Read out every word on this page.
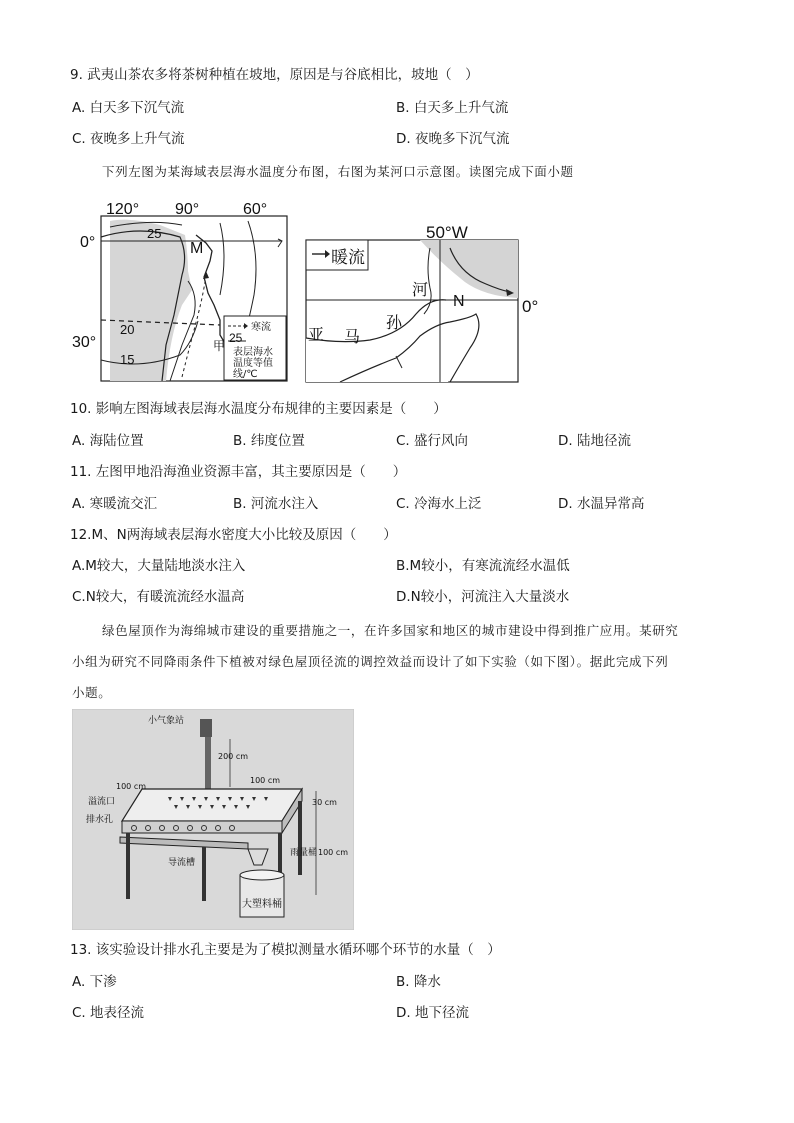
9. 武夷山茶农多将茶树种植在坡地，原因是与谷底相比，坡地（　）
A. 白天多下沉气流	B. 白天多上升气流
C. 夜晚多上升气流	D. 夜晚多下沉气流
下列左图为某海域表层海水温度分布图，右图为某河口示意图。读图完成下面小题
120° 90°	60°
0°
30°
25
20
15
25
M
甲
寒流
表层海水
温度等值
线/℃
暖流
50°W
0°
河
N
孙
亚 马
10. 影响左图海域表层海水温度分布规律的主要因素是（　　）
A. 海陆位置	B. 纬度位置	C. 盛行风向	D. 陆地径流
11. 左图甲地沿海渔业资源丰富，其主要原因是（　　）
A. 寒暖流交汇	B. 河流水注入	C. 冷海水上泛	D. 水温异常高
12.M、N两海域表层海水密度大小比较及原因（　　）
A.M较大，大量陆地淡水注入	B.M较小，有寒流流经水温低
C.N较大，有暖流流经水温高	D.N较小，河流注入大量淡水
绿色屋顶作为海绵城市建设的重要措施之一，在许多国家和地区的城市建设中得到推广应用。某研究
小组为研究不同降雨条件下植被对绿色屋顶径流的调控效益而设计了如下实验（如下图）。据此完成下列
小题。
小气象站
200 cm
100 cm
100 cm
溢流口
排水孔
30 cm
导流槽
雨量桶 100 cm
大塑料桶
13. 该实验设计排水孔主要是为了模拟测量水循环哪个环节的水量（　）
A. 下渗	B. 降水
C. 地表径流	D. 地下径流
